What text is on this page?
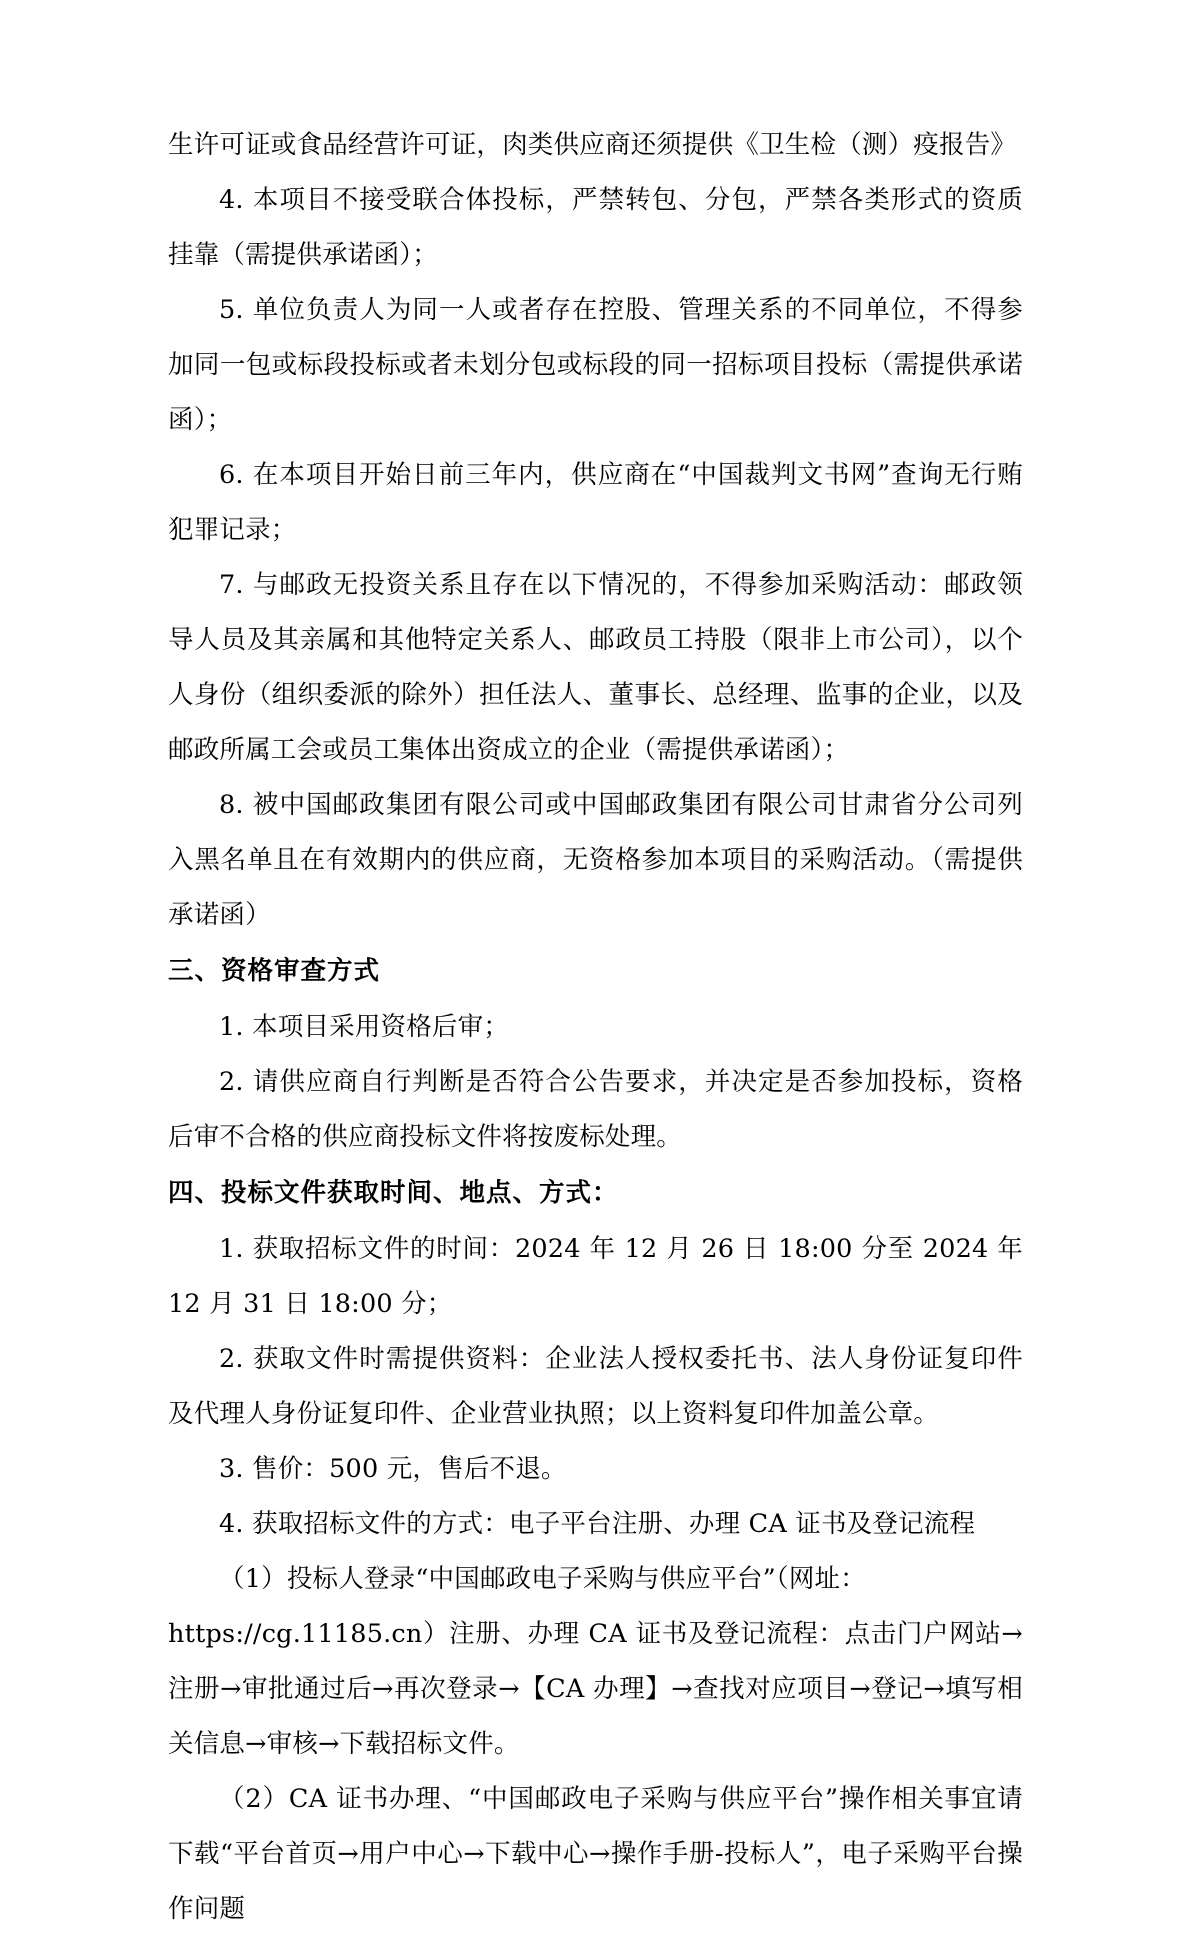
生许可证或食品经营许可证，肉类供应商还须提供《卫生检（测）疫报告》

4. 本项目不接受联合体投标，严禁转包、分包，严禁各类形式的资质挂靠（需提供承诺函）；

5. 单位负责人为同一人或者存在控股、管理关系的不同单位，不得参加同一包或标段投标或者未划分包或标段的同一招标项目投标（需提供承诺函）；

6. 在本项目开始日前三年内，供应商在“中国裁判文书网”查询无行贿犯罪记录；

7. 与邮政无投资关系且存在以下情况的，不得参加采购活动：邮政领导人员及其亲属和其他特定关系人、邮政员工持股（限非上市公司），以个人身份（组织委派的除外）担任法人、董事长、总经理、监事的企业，以及邮政所属工会或员工集体出资成立的企业（需提供承诺函）；

8. 被中国邮政集团有限公司或中国邮政集团有限公司甘肃省分公司列入黑名单且在有效期内的供应商，无资格参加本项目的采购活动。（需提供承诺函）

三、资格审查方式

1. 本项目采用资格后审；

2. 请供应商自行判断是否符合公告要求，并决定是否参加投标，资格后审不合格的供应商投标文件将按废标处理。

四、投标文件获取时间、地点、方式：

1. 获取招标文件的时间：2024 年 12 月 26 日 18:00 分至 2024 年 12 月 31 日 18:00 分；

2. 获取文件时需提供资料：企业法人授权委托书、法人身份证复印件及代理人身份证复印件、企业营业执照；以上资料复印件加盖公章。

3. 售价：500 元，售后不退。

4. 获取招标文件的方式：电子平台注册、办理 CA 证书及登记流程

（1）投标人登录“中国邮政电子采购与供应平台”（网址：

https://cg.11185.cn）注册、办理 CA 证书及登记流程：点击门户网站→注册→审批通过后→再次登录→【CA 办理】→查找对应项目→登记→填写相关信息→审核→下载招标文件。

（2）CA 证书办理、“中国邮政电子采购与供应平台”操作相关事宜请下载“平台首页→用户中心→下载中心→操作手册-投标人”，电子采购平台操作问题
